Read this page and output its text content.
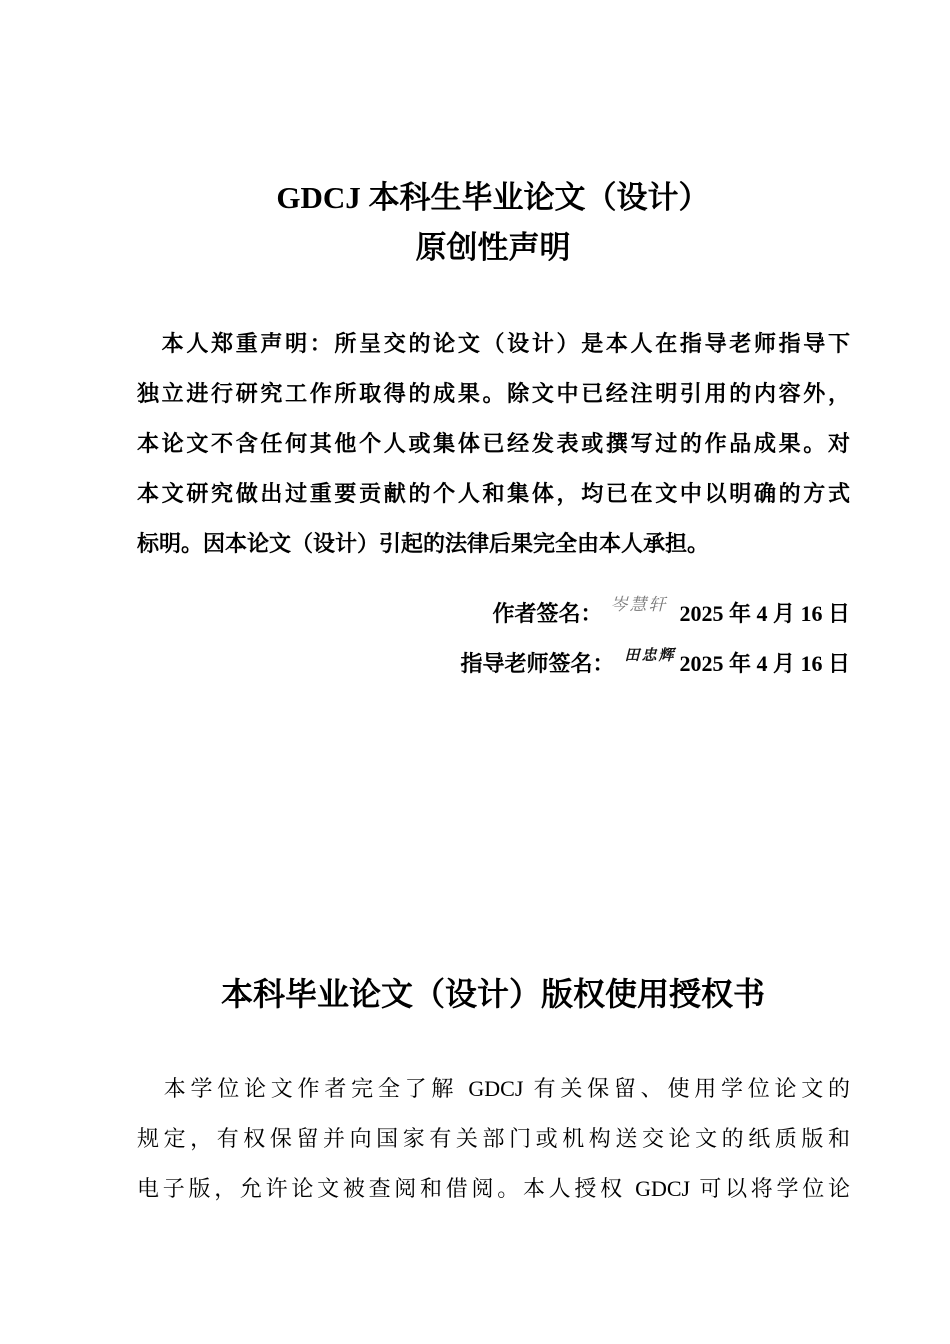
GDCJ 本科生毕业论文（设计）
原创性声明
　本人郑重声明：所呈交的论文（设计）是本人在指导老师指导下
独立进行研究工作所取得的成果。除文中已经注明引用的内容外，
本论文不含任何其他个人或集体已经发表或撰写过的作品成果。对
本文研究做出过重要贡献的个人和集体，均已在文中以明确的方式
标明。因本论文（设计）引起的法律后果完全由本人承担。
作者签名： 岑慧轩 2025 年 4 月 16 日
指导老师签名： 田忠辉 2025 年 4 月 16 日
本科毕业论文（设计）版权使用授权书
　本学位论文作者完全了解 GDCJ 有关保留、使用学位论文的
规定，有权保留并向国家有关部门或机构送交论文的纸质版和
电子版，允许论文被查阅和借阅。本人授权 GDCJ 可以将学位论
